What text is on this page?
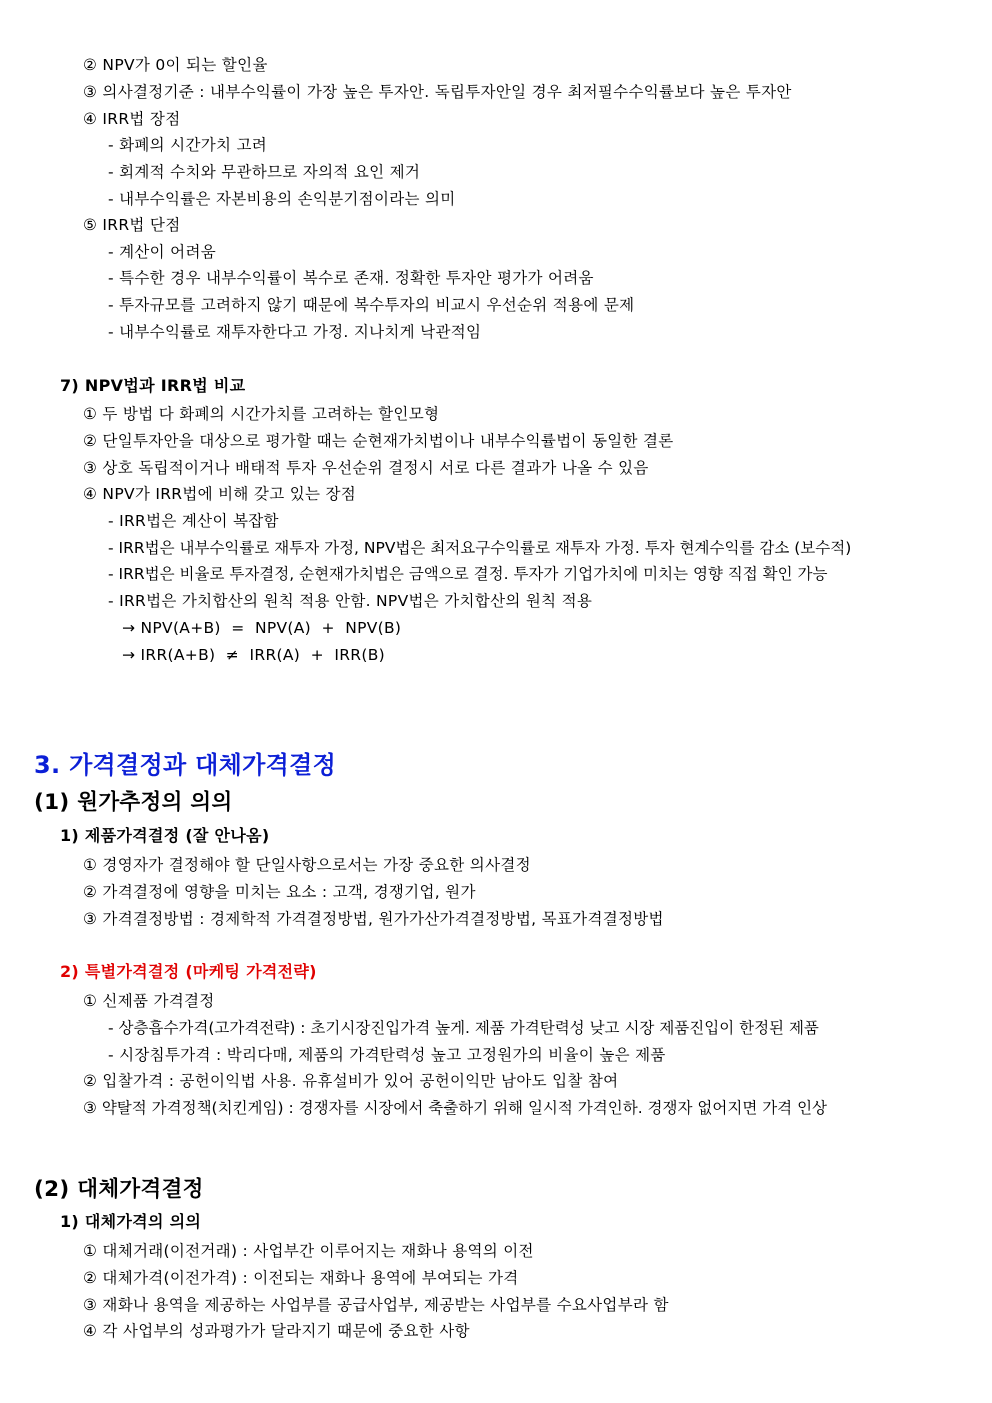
② NPV가 0이 되는 할인율
③ 의사결정기준 : 내부수익률이 가장 높은 투자안. 독립투자안일 경우 최저필수수익률보다 높은 투자안
④ IRR법 장점
- 화폐의 시간가치 고려
- 회계적 수치와 무관하므로 자의적 요인 제거
- 내부수익률은 자본비용의 손익분기점이라는 의미
⑤ IRR법 단점
- 계산이 어려움
- 특수한 경우 내부수익률이 복수로 존재. 정확한 투자안 평가가 어려움
- 투자규모를 고려하지 않기 때문에 복수투자의 비교시 우선순위 적용에 문제
- 내부수익률로 재투자한다고 가정. 지나치게 낙관적임
7) NPV법과 IRR법 비교
① 두 방법 다 화폐의 시간가치를 고려하는 할인모형
② 단일투자안을 대상으로 평가할 때는 순현재가치법이나 내부수익률법이 동일한 결론
③ 상호 독립적이거나 배태적 투자 우선순위 결정시 서로 다른 결과가 나올 수 있음
④ NPV가 IRR법에 비해 갖고 있는 장점
- IRR법은 계산이 복잡함
- IRR법은 내부수익률로 재투자 가정, NPV법은 최저요구수익률로 재투자 가정. 투자 현계수익를 감소 (보수적)
- IRR법은 비율로 투자결정, 순현재가치법은 금액으로 결정. 투자가 기업가치에 미치는 영향 직접 확인 가능
- IRR법은 가치합산의 원칙 적용 안함. NPV법은 가치합산의 원칙 적용
→ NPV(A+B)  =  NPV(A)  +  NPV(B)
→ IRR(A+B)  ≠  IRR(A)  +  IRR(B)
3. 가격결정과 대체가격결정
(1) 원가추정의 의의
1) 제품가격결정 (잘 안나옴)
① 경영자가 결정해야 할 단일사항으로서는 가장 중요한 의사결정
② 가격결정에 영향을 미치는 요소 : 고객, 경쟁기업, 원가
③ 가격결정방법 : 경제학적 가격결정방법, 원가가산가격결정방법, 목표가격결정방법
2) 특별가격결정 (마케팅 가격전략)
① 신제품 가격결정
- 상층흡수가격(고가격전략) : 초기시장진입가격 높게. 제품 가격탄력성 낮고 시장 제품진입이 한정된 제품
- 시장침투가격 : 박리다매, 제품의 가격탄력성 높고 고정원가의 비율이 높은 제품
② 입찰가격 : 공헌이익법 사용. 유휴설비가 있어 공헌이익만 남아도 입찰 참여
③ 약탈적 가격정책(치킨게임) : 경쟁자를 시장에서 축출하기 위해 일시적 가격인하. 경쟁자 없어지면 가격 인상
(2) 대체가격결정
1) 대체가격의 의의
① 대체거래(이전거래) : 사업부간 이루어지는 재화나 용역의 이전
② 대체가격(이전가격) : 이전되는 재화나 용역에 부여되는 가격
③ 재화나 용역을 제공하는 사업부를 공급사업부, 제공받는 사업부를 수요사업부라 함
④ 각 사업부의 성과평가가 달라지기 때문에 중요한 사항
